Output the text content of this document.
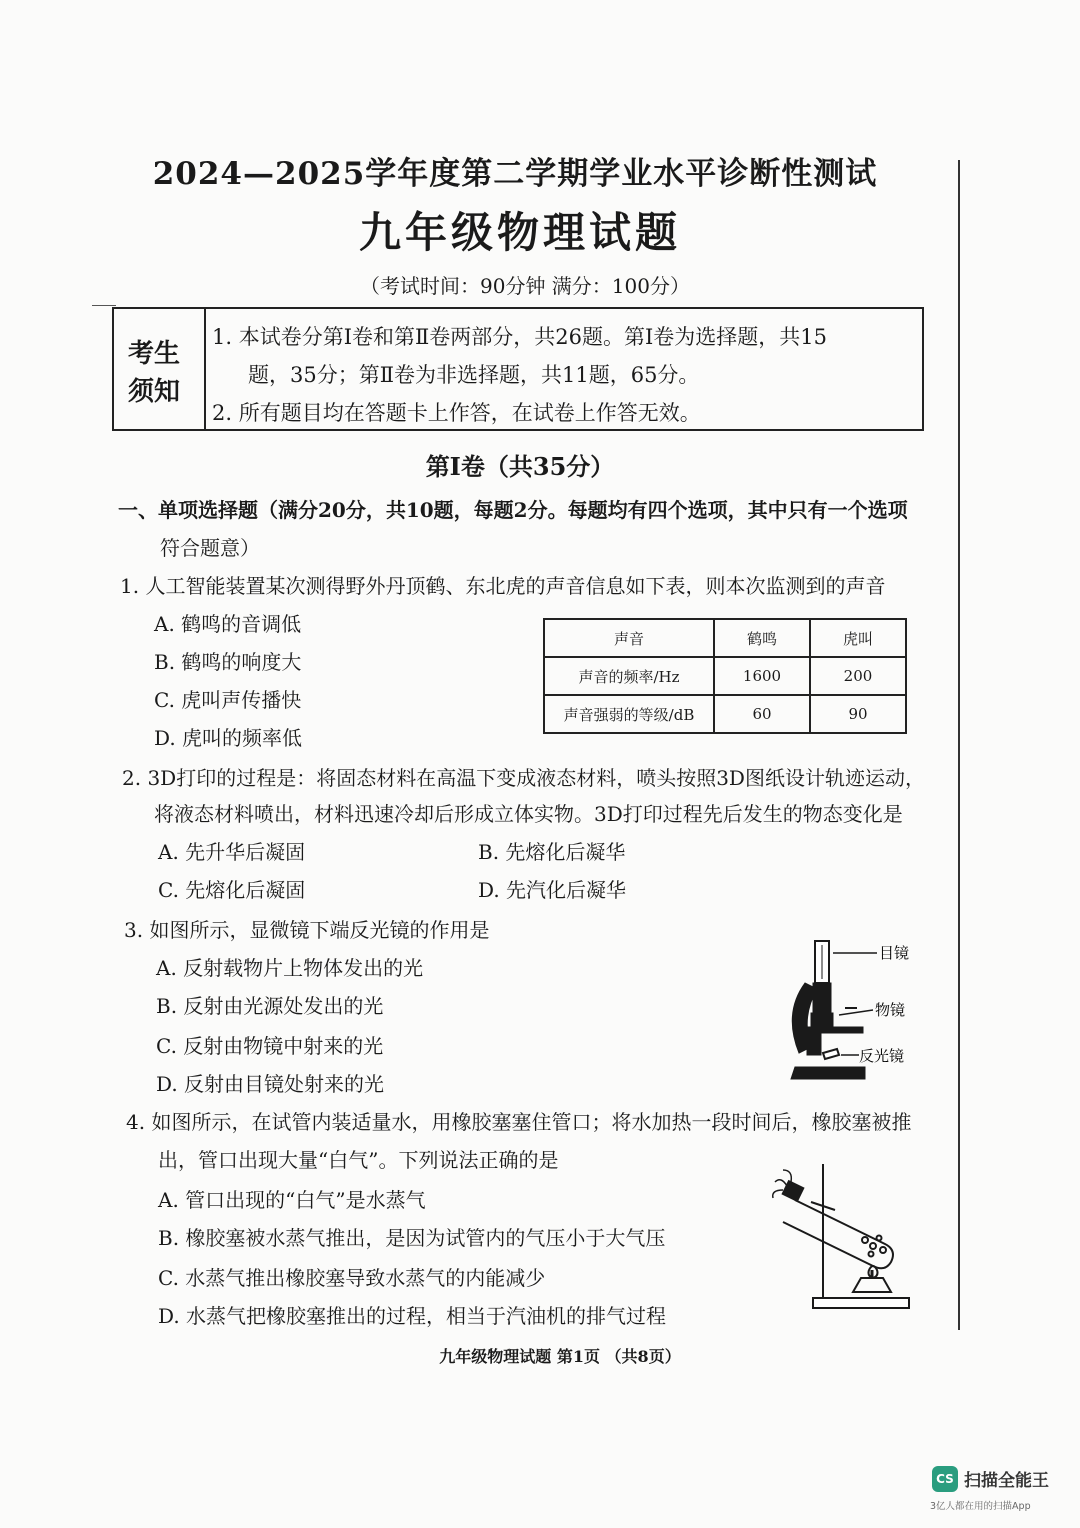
2024—2025学年度第二学期学业水平诊断性测试
九年级物理试题
（考试时间：90分钟 满分：100分）
考生
须知
1. 本试卷分第Ⅰ卷和第Ⅱ卷两部分，共26题。第Ⅰ卷为选择题，共15
题，35分；第Ⅱ卷为非选择题，共11题，65分。
2. 所有题目均在答题卡上作答，在试卷上作答无效。
第Ⅰ卷（共35分）
一、单项选择题（满分20分，共10题，每题2分。每题均有四个选项，其中只有一个选项
符合题意）
1. 人工智能装置某次测得野外丹顶鹤、东北虎的声音信息如下表，则本次监测到的声音
A. 鹤鸣的音调低
B. 鹤鸣的响度大
C. 虎叫声传播快
D. 虎叫的频率低
声音	鹤鸣	虎叫
声音的频率/Hz	1600	200
声音强弱的等级/dB	60	90
2. 3D打印的过程是：将固态材料在高温下变成液态材料，喷头按照3D图纸设计轨迹运动，
将液态材料喷出，材料迅速冷却后形成立体实物。3D打印过程先后发生的物态变化是
A. 先升华后凝固	B. 先熔化后凝华
C. 先熔化后凝固	D. 先汽化后凝华
3. 如图所示，显微镜下端反光镜的作用是
A. 反射载物片上物体发出的光
B. 反射由光源处发出的光
C. 反射由物镜中射来的光
D. 反射由目镜处射来的光
目镜
物镜
反光镜
4. 如图所示，在试管内装适量水，用橡胶塞塞住管口；将水加热一段时间后，橡胶塞被推
出，管口出现大量“白气”。下列说法正确的是
A. 管口出现的“白气”是水蒸气
B. 橡胶塞被水蒸气推出，是因为试管内的气压小于大气压
C. 水蒸气推出橡胶塞导致水蒸气的内能减少
D. 水蒸气把橡胶塞推出的过程，相当于汽油机的排气过程
九年级物理试题 第1页 （共8页）
CS 扫描全能王
3亿人都在用的扫描App
